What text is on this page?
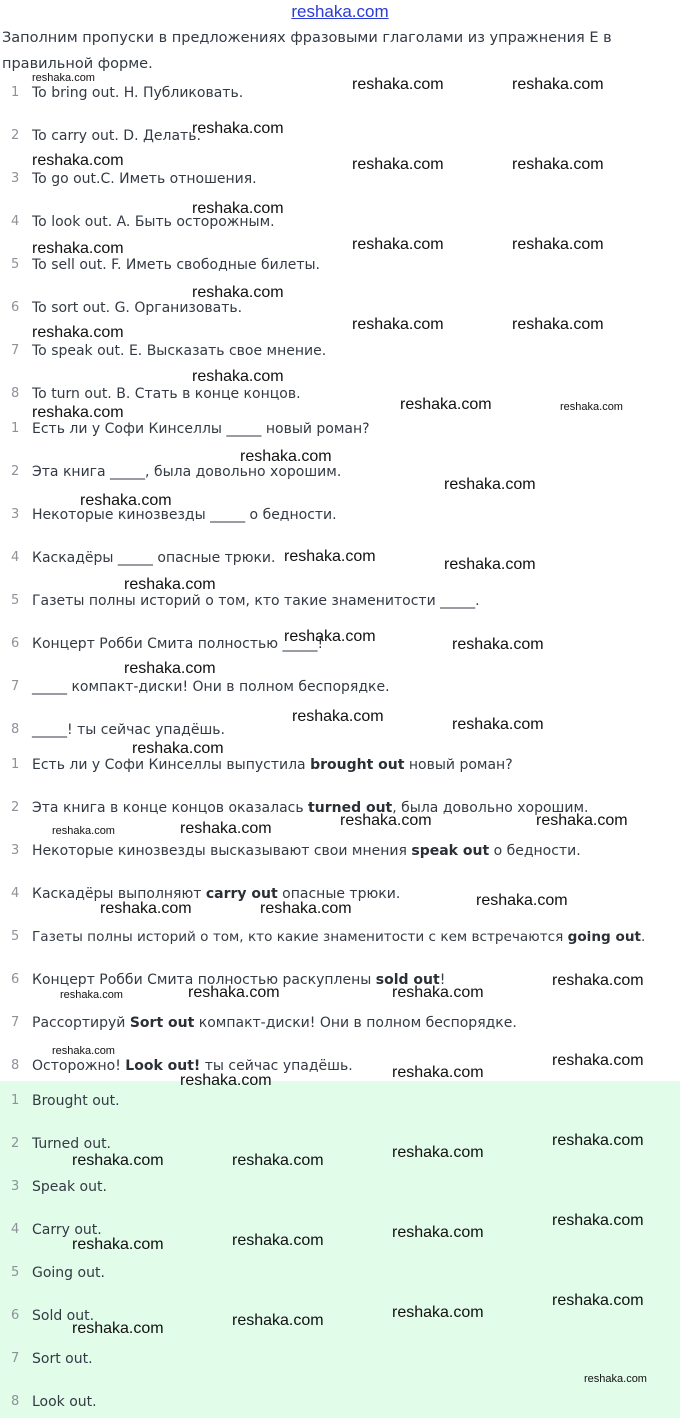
reshaka.com
Заполним пропуски в предложениях фразовыми глаголами из упражнения E в правильной форме.
1 To bring out. H. Публиковать.
2 To carry out. D. Делать.
3 To go out.C. Иметь отношения.
4 To look out. A. Быть осторожным.
5 To sell out. F. Иметь свободные билеты.
6 To sort out. G. Организовать.
7 To speak out. E. Высказать свое мнение.
8 To turn out. B. Стать в конце концов.
1 Есть ли у Софи Кинселлы _____ новый роман?
2 Эта книга _____, была довольно хорошим.
3 Некоторые кинозвезды _____ о бедности.
4 Каскадёры _____ опасные трюки.
5 Газеты полны историй о том, кто такие знаменитости _____.
6 Концерт Робби Смита полностью _____!
7 _____ компакт-диски! Они в полном беспорядке.
8 _____! ты сейчас упадёшь.
1 Есть ли у Софи Кинселлы выпустила brought out новый роман?
2 Эта книга в конце концов оказалась turned out, была довольно хорошим.
3 Некоторые кинозвезды высказывают свои мнения speak out о бедности.
4 Каскадёры выполняют carry out опасные трюки.
5 Газеты полны историй о том, кто какие знаменитости с кем встречаются going out.
6 Концерт Робби Смита полностью раскуплены sold out!
7 Рассортируй Sort out компакт-диски! Они в полном беспорядке.
8 Осторожно! Look out! ты сейчас упадёшь.
1 Brought out.
2 Turned out.
3 Speak out.
4 Carry out.
5 Going out.
6 Sold out.
7 Sort out.
8 Look out.
reshaka.com	reshaka.com	reshaka.com
reshaka.com
reshaka.com	reshaka.com	reshaka.com
reshaka.com
reshaka.com	reshaka.com	reshaka.com
reshaka.com
reshaka.com	reshaka.com	reshaka.com
reshaka.com
reshaka.com	reshaka.com	reshaka.com
reshaka.com
reshaka.com
reshaka.com
reshaka.com	reshaka.com
reshaka.com
reshaka.com	reshaka.com
reshaka.com
reshaka.com	reshaka.com
reshaka.com
reshaka.com	reshaka.com
reshaka.com	reshaka.com
reshaka.com
reshaka.com	reshaka.com
reshaka.com
reshaka.com	reshaka.com	reshaka.com
reshaka.com
reshaka.com
reshaka.com
reshaka.com
reshaka.com
reshaka.com
reshaka.com	reshaka.com
reshaka.com
reshaka.com
reshaka.com
reshaka.com
reshaka.com
reshaka.com
reshaka.com
reshaka.com
reshaka.com
